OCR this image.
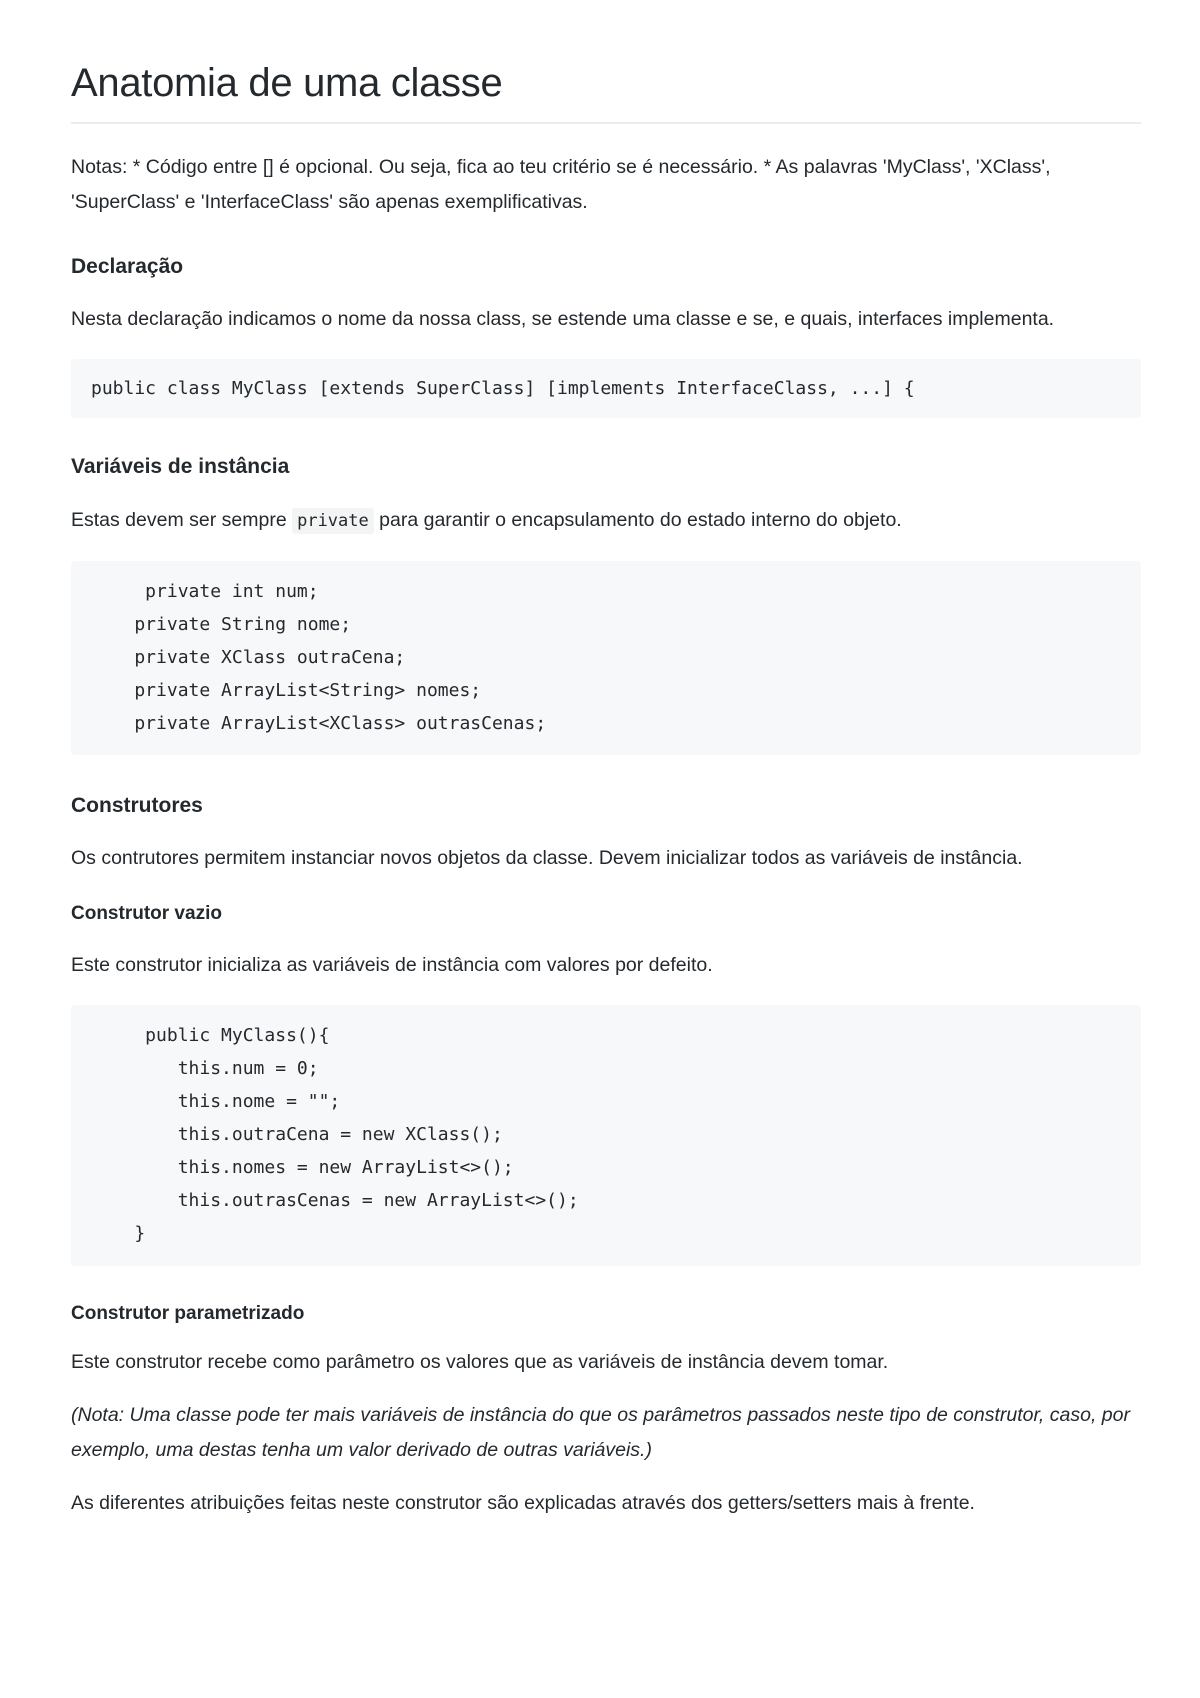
Anatomia de uma classe

Notas: * Código entre [] é opcional. Ou seja, fica ao teu critério se é necessário. * As palavras 'MyClass', 'XClass', 'SuperClass' e 'InterfaceClass' são apenas exemplificativas.

Declaração

Nesta declaração indicamos o nome da nossa class, se estende uma classe e se, e quais, interfaces implementa.

public class MyClass [extends SuperClass] [implements InterfaceClass, ...] {
Variáveis de instância

Estas devem ser sempre private para garantir o encapsulamento do estado interno do objeto.

private int num;
private String nome;
private XClass outraCena;
private ArrayList<String> nomes;
private ArrayList<XClass> outrasCenas;
Construtores

Os contrutores permitem instanciar novos objetos da classe. Devem inicializar todos as variáveis de instância.

Construtor vazio

Este construtor inicializa as variáveis de instância com valores por defeito.

public MyClass(){
this.num = 0;
this.nome = "";
this.outraCena = new XClass();
this.nomes = new ArrayList<>();
this.outrasCenas = new ArrayList<>();
}
Construtor parametrizado

Este construtor recebe como parâmetro os valores que as variáveis de instância devem tomar.

(Nota: Uma classe pode ter mais variáveis de instância do que os parâmetros passados neste tipo de construtor, caso, por exemplo, uma destas tenha um valor derivado de outras variáveis.)

As diferentes atribuições feitas neste construtor são explicadas através dos getters/setters mais à frente.
